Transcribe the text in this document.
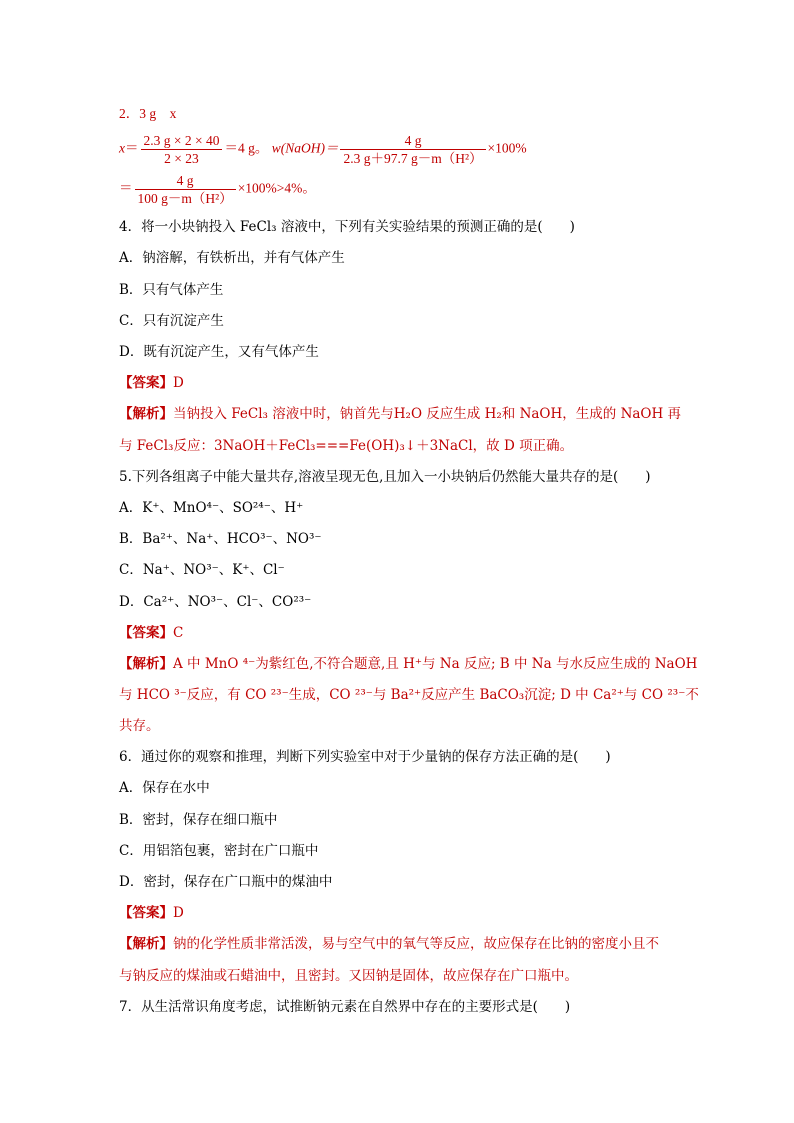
2．3 g　x
$x= \frac{2.3 g \times 2 \times 40}{2 \times 23} =4$ g。 w(NaOH)＝ $\frac{4 g}{\text{2.3 g＋97.7 g－m（H²）}} \times 100\%$
＝ $\frac{4 g}{\text{100 g－m（H²）}} \times 100\%>4\%$。
4．将一小块钠投入 FeCl₃ 溶液中，下列有关实验结果的预测正确的是(　　)
A．钠溶解，有铁析出，并有气体产生
B．只有气体产生
C．只有沉淀产生
D．既有沉淀产生，又有气体产生
【答案】D
【解析】当钠投入 FeCl₃ 溶液中时，钠首先与H₂O 反应生成 H₂和 NaOH，生成的 NaOH 再
与 FeCl₃反应：3NaOH＋FeCl₃===Fe(OH)₃↓＋3NaCl，故 D 项正确。
5.下列各组离子中能大量共存,溶液呈现无色,且加入一小块钠后仍然能大量共存的是(　　)
A．K⁺、MnO⁴⁻、SO²⁴⁻、H⁺
B．Ba²⁺、Na⁺、HCO³⁻、NO³⁻
C．Na⁺、NO³⁻、K⁺、Cl⁻
D．Ca²⁺、NO³⁻、Cl⁻、CO²³⁻
【答案】C
【解析】A 中 MnO ⁴⁻为紫红色,不符合题意,且 H⁺与 Na 反应; B 中 Na 与水反应生成的 NaOH
与 HCO ³⁻反应，有 CO ²³⁻生成，CO ²³⁻与 Ba²⁺反应产生 BaCO₃沉淀; D 中 Ca²⁺与 CO ²³⁻不
共存。
6．通过你的观察和推理，判断下列实验室中对于少量钠的保存方法正确的是(　　)
A．保存在水中
B．密封，保存在细口瓶中
C．用铝箔包裹，密封在广口瓶中
D．密封，保存在广口瓶中的煤油中
【答案】D
【解析】钠的化学性质非常活泼，易与空气中的氧气等反应，故应保存在比钠的密度小且不
与钠反应的煤油或石蜡油中，且密封。又因钠是固体，故应保存在广口瓶中。
7．从生活常识角度考虑，试推断钠元素在自然界中存在的主要形式是(　　)
